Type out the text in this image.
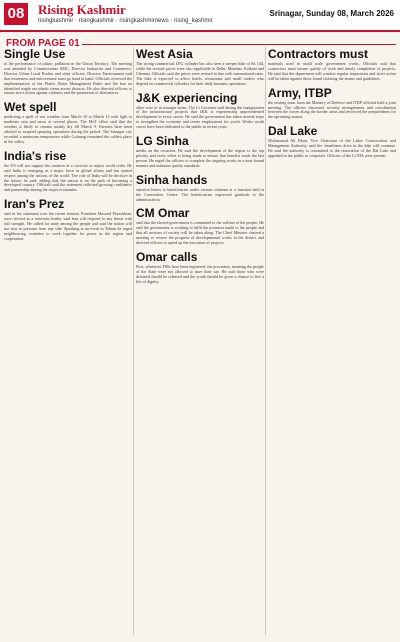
08 Rising Kashmir
risingkashmir · risingkashmir · risingkashmirnews · rising_kashmir
Srinagar, Sunday 08, March 2026
FROM PAGE 01
Single Use

to the performance of plastic pollution in the Union Territory. The meeting was attended by Commissioner SMC, Director Industries and Commerce, Director Urban Local Bodies and other officers. Director Environment said that awareness and enforcement must go hand in hand. Officials reviewed the implementation of the Plastic Waste Management Rules and the ban on identified single use plastic items across districts. He also directed officers to ensure strict action against violators and the promotion of alternatives.

Wet spell

predicting a spell of wet weather from March 10 to March 12 with light to moderate rain and snow at several places. The MeT office said that the weather is likely to remain mainly dry till March 9. Farmers have been advised to suspend spraying operations during the period. The Srinagar city recorded a minimum temperature while Gulmarg remained the coldest place in the valley.

India's rise

the US will not support the creation of a coercive or unjust world order. He said India is emerging as a major force in global affairs and has earned respect among the nations of the world. The role of India will be decisive in the future, he said, adding that the nation is on the path of becoming a developed country. Officials said the statement reflected growing confidence and partnership among the major economies.

Iran's Prez

said in his statement over the recent tension. President Masoud Pezeshkian, once viewed as a reformist leader, said Iran will respond to any threat with full strength. He called for unity among the people and said the nation will not bow to pressure from any side. Speaking at an event in Tehran he urged neighbouring countries to work together for peace in the region and cooperation.

West Asia

The strong commercial LPG cylinder has also seen a steeper hike of Rs 144, while the revised prices were also applicable in Delhi, Mumbai, Kolkata and Chennai. Officials said the prices were revised in line with international rates. The hike is expected to affect hotels, restaurants and small traders who depend on commercial cylinders for their daily business operations.

J&K experiencing

other wise or in stronger terms. The Lt Governor said during the inauguration of the infrastructure projects that J&K is experiencing unprecedented development in every sector. He said the government has taken several steps to strengthen the economy and create employment for youth. Works worth crores have been dedicated to the public in recent years.

LG Sinha

media on the occasion. He said the development of the region is the top priority and every effort is being made to ensure that benefits reach the last person. He urged the officers to complete the ongoing works in a time bound manner and maintain quality standards.

Sinha hands

sanction letters to beneficiaries under various schemes at a function held at the Convention Centre. The beneficiaries expressed gratitude to the administration.

CM Omar

said that the elected government is committed to the welfare of the people. He said the government is working to fulfil the promises made to the people and that all sections of society will be taken along. The Chief Minister chaired a meeting to review the progress of developmental works in the district and directed officers to speed up the execution of projects.

Omar calls

First, whenever FIRs have been registered, the procedure, meaning the people of the State were not allowed to have their say. He said those who were detained should be released and the youth should be given a chance to live a life of dignity.

Contractors must

materials used in small scale government works. Officials said that contractors must ensure quality of work and timely completion of projects. He said that the department will conduct regular inspections and strict action will be taken against those found violating the norms and guidelines.

Army, ITBP

the visiting team from the Ministry of Defence and ITBP officials held a joint meeting. The officers discussed security arrangements and coordination between the forces along the border areas and reviewed the preparedness for the upcoming season.

Dal Lake

Mohammad Ali Khan, Vice Chairman of the Lakes Conservation and Management Authority, said the cleanliness drive in the lake will continue. He said the authority is committed to the restoration of the Dal Lake and appealed to the public to cooperate. Officers of the LCMA were present.
